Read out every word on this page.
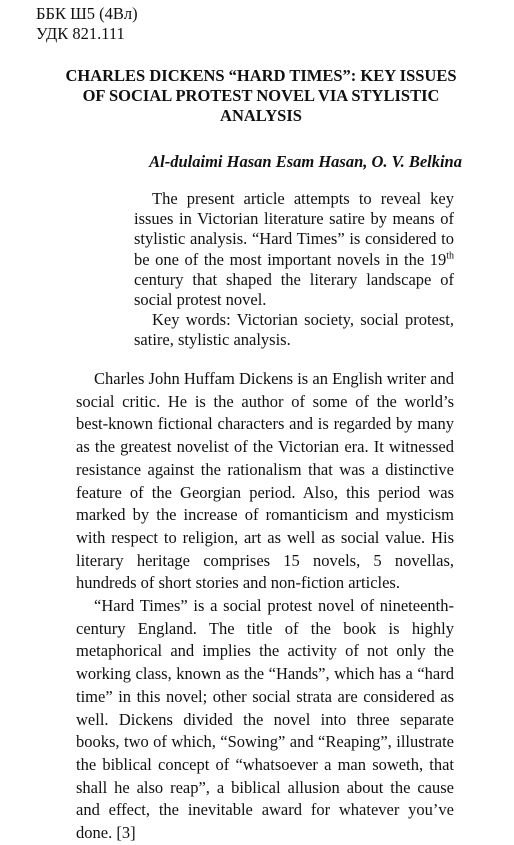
ББК Ш5 (4Вл)
УДК 821.111
CHARLES DICKENS “HARD TIMES”: KEY ISSUES OF SOCIAL PROTEST NOVEL VIA STYLISTIC ANALYSIS
Al-dulaimi Hasan Esam Hasan, O. V. Belkina

The present article attempts to reveal key issues in Victorian literature satire by means of stylistic analysis. “Hard Times” is considered to be one of the most important novels in the 19th century that shaped the literary landscape of social protest novel.

Key words: Victorian society, social protest, satire, stylistic analysis.

Charles John Huffam Dickens is an English writer and social critic. He is the author of some of the world’s best-known fictional characters and is regarded by many as the greatest novelist of the Victorian era. It witnessed resistance against the rationalism that was a distinctive feature of the Georgian period. Also, this period was marked by the increase of romanticism and mysticism with respect to religion, art as well as social value. His literary heritage comprises 15 novels, 5 novellas, hundreds of short stories and non-fiction articles.

“Hard Times” is a social protest novel of nineteenth-century England. The title of the book is highly metaphorical and implies the activity of not only the working class, known as the “Hands”, which has a “hard time” in this novel; other social strata are considered as well. Dickens divided the novel into three separate books, two of which, “Sowing” and “Reaping”, illustrate the biblical concept of “whatsoever a man soweth, that shall he also reap”, a biblical allusion about the cause and effect, the inevitable award for whatever you’ve done. [3]
